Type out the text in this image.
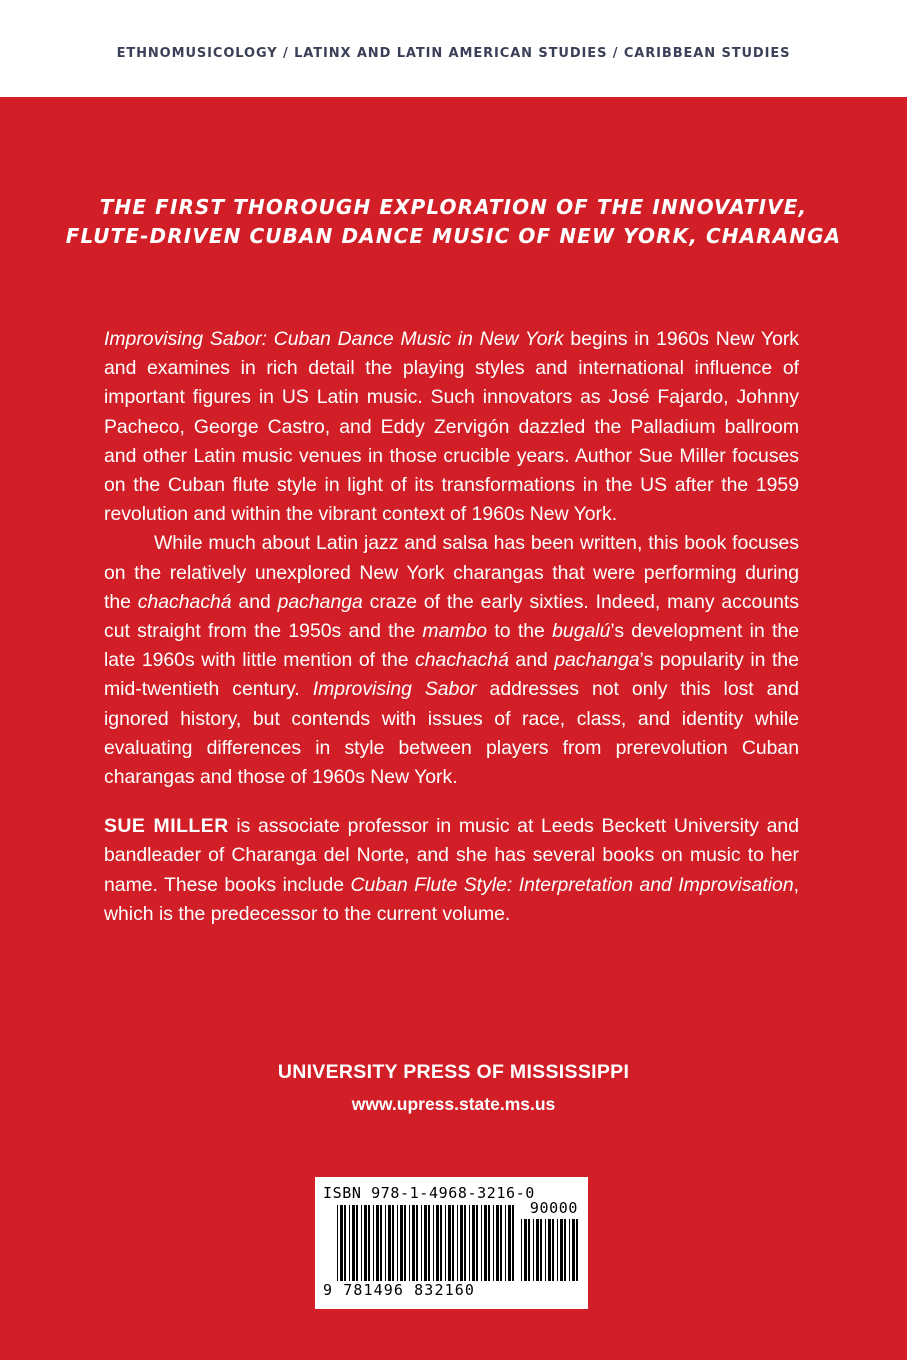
ETHNOMUSICOLOGY / LATINX AND LATIN AMERICAN STUDIES / CARIBBEAN STUDIES
THE FIRST THOROUGH EXPLORATION OF THE INNOVATIVE,
FLUTE-DRIVEN CUBAN DANCE MUSIC OF NEW YORK, CHARANGA

Improvising Sabor: Cuban Dance Music in New York begins in 1960s New York and examines in rich detail the playing styles and international influence of important figures in US Latin music. Such innovators as José Fajardo, Johnny Pacheco, George Castro, and Eddy Zervigón dazzled the Palladium ballroom and other Latin music venues in those crucible years. Author Sue Miller focuses on the Cuban flute style in light of its transformations in the US after the 1959 revolution and within the vibrant context of 1960s New York.

While much about Latin jazz and salsa has been written, this book focuses on the relatively unexplored New York charangas that were performing during the chachachá and pachanga craze of the early sixties. Indeed, many accounts cut straight from the 1950s and the mambo to the bugalú’s development in the late 1960s with little mention of the chachachá and pachanga’s popularity in the mid-twentieth century. Improvising Sabor addresses not only this lost and ignored history, but contends with issues of race, class, and identity while evaluating differences in style between players from prerevolution Cuban charangas and those of 1960s New York.

SUE MILLER is associate professor in music at Leeds Beckett University and bandleader of Charanga del Norte, and she has several books on music to her name. These books include Cuban Flute Style: Interpretation and Improvisation, which is the predecessor to the current volume.

UNIVERSITY PRESS OF MISSISSIPPI
www.upress.state.ms.us
ISBN 978-1-4968-3216-0
90000
9 781496 832160
